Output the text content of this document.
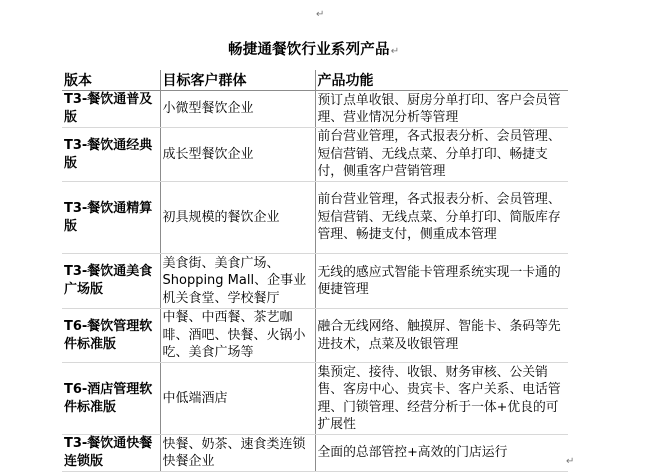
↵
畅捷通餐饮行业系列产品↵
版本	目标客户群体	产品功能
T3-餐饮通普及版	小微型餐饮企业	预订点单收银、厨房分单打印、客户会员管理、营业情况分析等管理
T3-餐饮通经典版	成长型餐饮企业	前台营业管理，各式报表分析、会员管理、短信营销、无线点菜、分单打印、畅捷支付，侧重客户营销管理
T3-餐饮通精算版	初具规模的餐饮企业	前台营业管理，各式报表分析、会员管理、短信营销、无线点菜、分单打印、简版库存管理、畅捷支付，侧重成本管理
T3-餐饮通美食广场版	美食街、美食广场、Shopping Mall、企事业机关食堂、学校餐厅	无线的感应式智能卡管理系统实现一卡通的便捷管理
T6-餐饮管理软件标准版	中餐、中西餐、茶艺咖啡、酒吧、快餐、火锅小吃、美食广场等	融合无线网络、触摸屏、智能卡、条码等先进技术，点菜及收银管理
T6-酒店管理软件标准版	中低端酒店	集预定、接待、收银、财务审核、公关销售、客房中心、贵宾卡、客户关系、电话管理、门锁管理、经营分析于一体+优良的可扩展性
T3-餐饮通快餐连锁版	快餐、奶茶、速食类连锁快餐企业	全面的总部管控+高效的门店运行
↵
